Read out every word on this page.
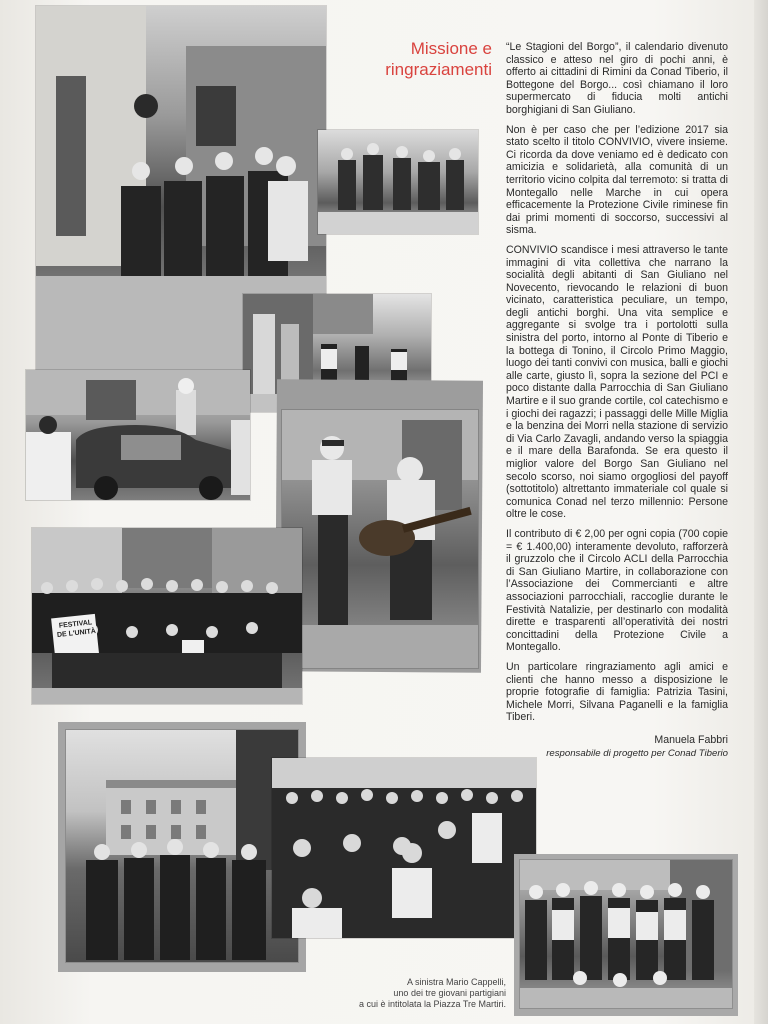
FESTIVAL DE L'UNITÀ
Missione e
ringraziamenti

“Le Stagioni del Borgo”, il calendario divenuto classico e atteso nel giro di pochi anni, è offerto ai cittadini di Rimini da Conad Tiberio, il Bottegone del Borgo... così chiamano il loro supermercato di fiducia molti antichi borghigiani di San Giuliano.

Non è per caso che per l’edizione 2017 sia stato scelto il titolo CONVIVIO, vivere insieme. Ci ricorda da dove veniamo ed è dedicato con amicizia e solidarietà, alla comunità di un territorio vicino colpita dal terremoto: si tratta di Montegallo nelle Marche in cui opera efficacemente la Protezione Civile riminese fin dai primi momenti di soccorso, successivi al sisma.

CONVIVIO scandisce i mesi attraverso le tante immagini di vita collettiva che narrano la socialità degli abitanti di San Giuliano nel Novecento, rievocando le relazioni di buon vicinato, caratteristica peculiare, un tempo, degli antichi borghi. Una vita semplice e aggregante si svolge tra i portolotti sulla sinistra del porto, intorno al Ponte di Tiberio e la bottega di Tonino, il Circolo Primo Maggio, luogo dei tanti convivi con musica, balli e giochi alle carte, giusto lì, sopra la sezione del PCI e poco distante dalla Parrocchia di San Giuliano Martire e il suo grande cortile, col catechismo e i giochi dei ragazzi; i passaggi delle Mille Miglia e la benzina dei Morri nella stazione di servizio di Via Carlo Zavagli, andando verso la spiaggia e il mare della Barafonda. Se era questo il miglior valore del Borgo San Giuliano nel secolo scorso, noi siamo orgogliosi del payoff (sottotitolo) altrettanto immateriale col quale si comunica Conad nel terzo millennio: Persone oltre le cose.

Il contributo di € 2,00 per ogni copia (700 copie = € 1.400,00) interamente devoluto, rafforzerà il gruzzolo che il Circolo ACLI della Parrocchia di San Giuliano Martire, in collaborazione con l’Associazione dei Commercianti e altre associazioni parrocchiali, raccoglie durante le Festività Natalizie, per destinarlo con modalità dirette e trasparenti all’operatività dei nostri concittadini della Protezione Civile a Montegallo.

Un particolare ringraziamento agli amici e clienti che hanno messo a disposizione le proprie fotografie di famiglia: Patrizia Tasini, Michele Morri, Silvana Paganelli e la famiglia Tiberi.

Manuela Fabbri
responsabile di progetto per Conad Tiberio
A sinistra Mario Cappelli,
uno dei tre giovani partigiani
a cui è intitolata la Piazza Tre Martiri.
